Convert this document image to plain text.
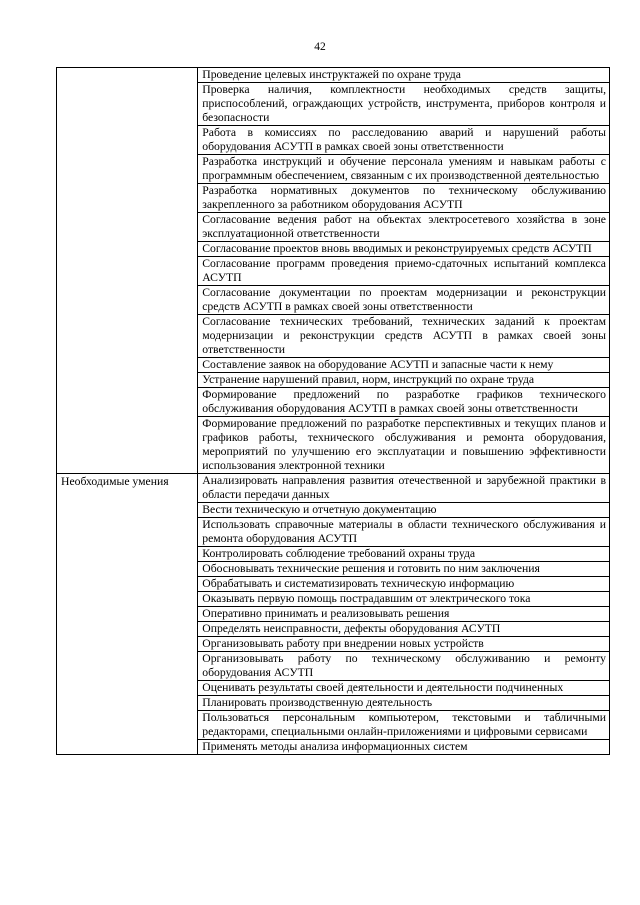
42

	Проведение целевых инструктажей по охране труда

	Проверка наличия, комплектности необходимых средств защиты, приспособлений, ограждающих устройств, инструмента, приборов контроля и безопасности

	Работа в комиссиях по расследованию аварий и нарушений работы оборудования АСУТП в рамках своей зоны ответственности

	Разработка инструкций и обучение персонала умениям и навыкам работы с программным обеспечением, связанным с их производственной деятельностью

	Разработка нормативных документов по техническому обслуживанию закрепленного за работником оборудования АСУТП

	Согласование ведения работ на объектах электросетевого хозяйства в зоне эксплуатационной ответственности

	Согласование проектов вновь вводимых и реконструируемых средств АСУТП

	Согласование программ проведения приемо-сдаточных испытаний комплекса АСУТП

	Согласование документации по проектам модернизации и реконструкции средств АСУТП в рамках своей зоны ответственности

	Согласование технических требований, технических заданий к проектам модернизации и реконструкции средств АСУТП в рамках своей зоны ответственности

	Составление заявок на оборудование АСУТП и запасные части к нему

	Устранение нарушений правил, норм, инструкций по охране труда

	Формирование предложений по разработке графиков технического обслуживания оборудования АСУТП в рамках своей зоны ответственности

	Формирование предложений по разработке перспективных и текущих планов и графиков работы, технического обслуживания и ремонта оборудования, мероприятий по улучшению его эксплуатации и повышению эффективности использования электронной техники

Необходимые умения	Анализировать направления развития отечественной и зарубежной практики в области передачи данных

	Вести техническую и отчетную документацию

	Использовать справочные материалы в области технического обслуживания и ремонта оборудования АСУТП

	Контролировать соблюдение требований охраны труда

	Обосновывать технические решения и готовить по ним заключения

	Обрабатывать и систематизировать техническую информацию

	Оказывать первую помощь пострадавшим от электрического тока

	Оперативно принимать и реализовывать решения

	Определять неисправности, дефекты оборудования АСУТП

	Организовывать работу при внедрении новых устройств

	Организовывать работу по техническому обслуживанию и ремонту оборудования АСУТП

	Оценивать результаты своей деятельности и деятельности подчиненных

	Планировать производственную деятельность

	Пользоваться персональным компьютером, текстовыми и табличными редакторами, специальными онлайн-приложениями и цифровыми сервисами

	Применять методы анализа информационных систем
